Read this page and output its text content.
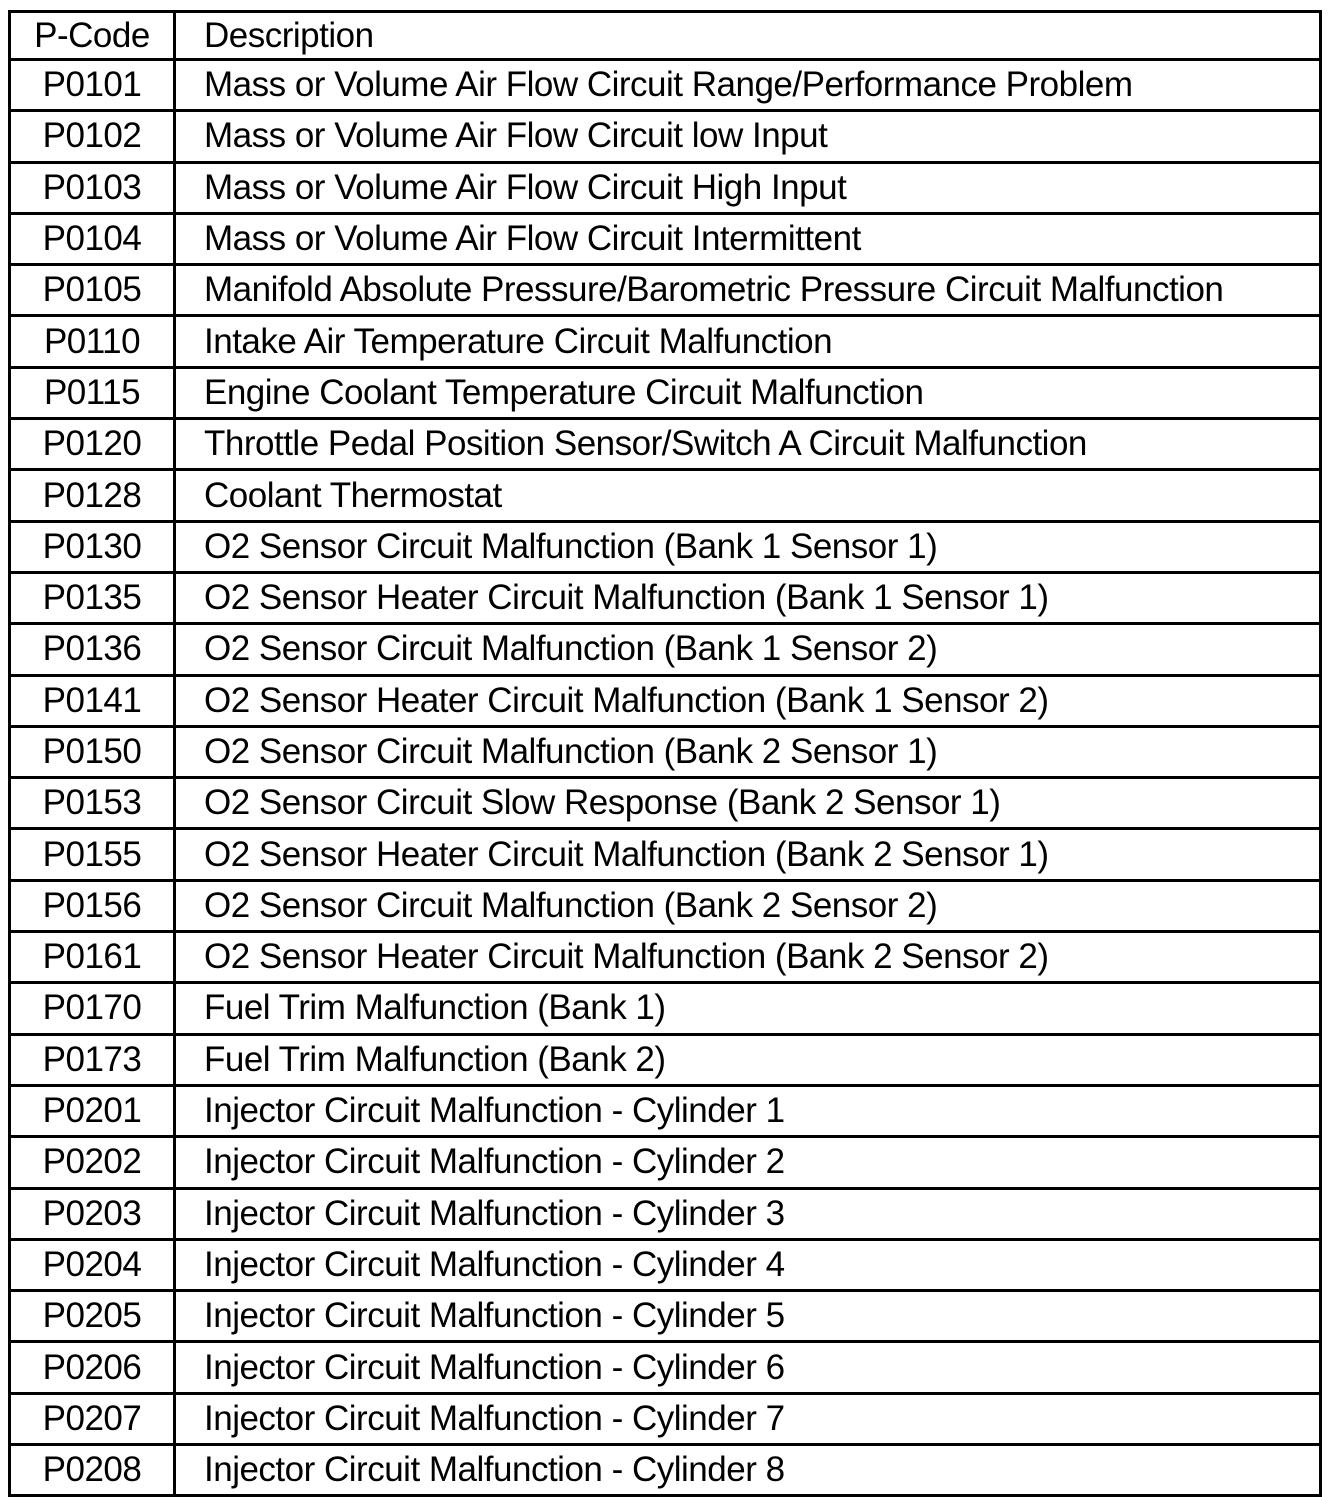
P-Code	Description
P0101	Mass or Volume Air Flow Circuit Range/Performance Problem
P0102	Mass or Volume Air Flow Circuit low Input
P0103	Mass or Volume Air Flow Circuit High Input
P0104	Mass or Volume Air Flow Circuit Intermittent
P0105	Manifold Absolute Pressure/Barometric Pressure Circuit Malfunction
P0110	Intake Air Temperature Circuit Malfunction
P0115	Engine Coolant Temperature Circuit Malfunction
P0120	Throttle Pedal Position Sensor/Switch A Circuit Malfunction
P0128	Coolant Thermostat
P0130	O2 Sensor Circuit Malfunction (Bank 1 Sensor 1)
P0135	O2 Sensor Heater Circuit Malfunction (Bank 1 Sensor 1)
P0136	O2 Sensor Circuit Malfunction (Bank 1 Sensor 2)
P0141	O2 Sensor Heater Circuit Malfunction (Bank 1 Sensor 2)
P0150	O2 Sensor Circuit Malfunction (Bank 2 Sensor 1)
P0153	O2 Sensor Circuit Slow Response (Bank 2 Sensor 1)
P0155	O2 Sensor Heater Circuit Malfunction (Bank 2 Sensor 1)
P0156	O2 Sensor Circuit Malfunction (Bank 2 Sensor 2)
P0161	O2 Sensor Heater Circuit Malfunction (Bank 2 Sensor 2)
P0170	Fuel Trim Malfunction (Bank 1)
P0173	Fuel Trim Malfunction (Bank 2)
P0201	Injector Circuit Malfunction - Cylinder 1
P0202	Injector Circuit Malfunction - Cylinder 2
P0203	Injector Circuit Malfunction - Cylinder 3
P0204	Injector Circuit Malfunction - Cylinder 4
P0205	Injector Circuit Malfunction - Cylinder 5
P0206	Injector Circuit Malfunction - Cylinder 6
P0207	Injector Circuit Malfunction - Cylinder 7
P0208	Injector Circuit Malfunction - Cylinder 8
